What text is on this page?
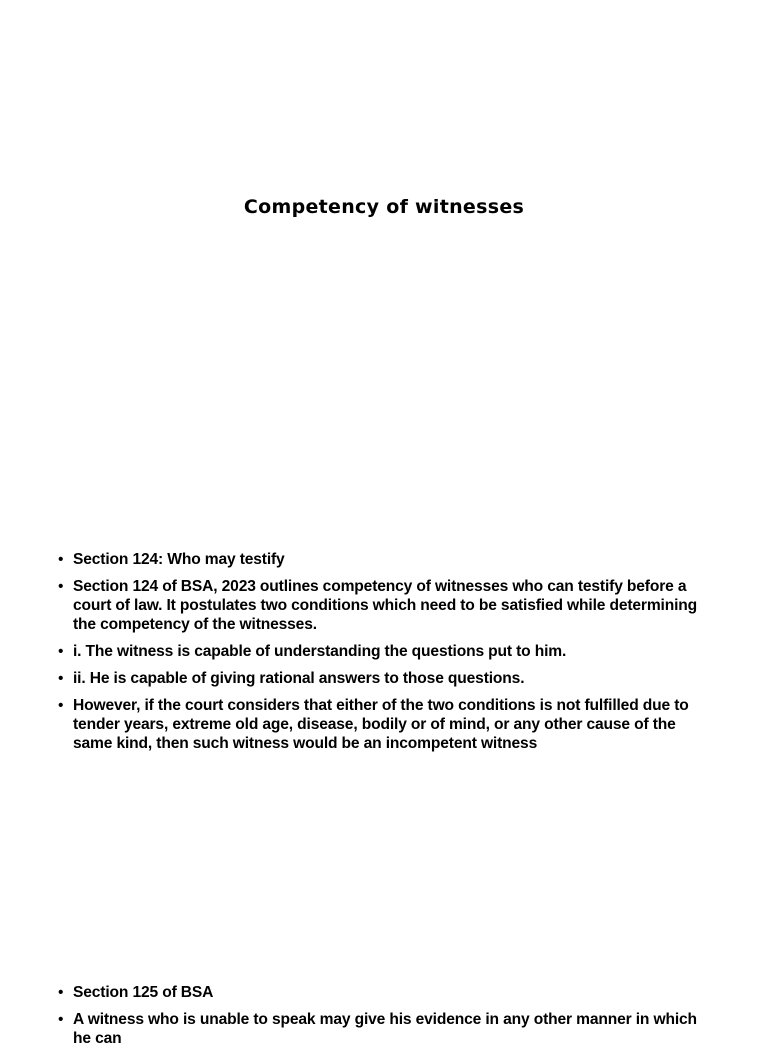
Competency of witnesses
• Section 124: Who may testify
• Section 124 of BSA, 2023 outlines competency of witnesses who can testify before a court of law. It postulates two conditions which need to be satisfied while determining the competency of the witnesses.
• i. The witness is capable of understanding the questions put to him.
• ii. He is capable of giving rational answers to those questions.
• However, if the court considers that either of the two conditions is not fulfilled due to tender years, extreme old age, disease, bodily or of mind, or any other cause of the same kind, then such witness would be an incompetent witness
• Section 125 of BSA
• A witness who is unable to speak may give his evidence in any other manner in which he can
